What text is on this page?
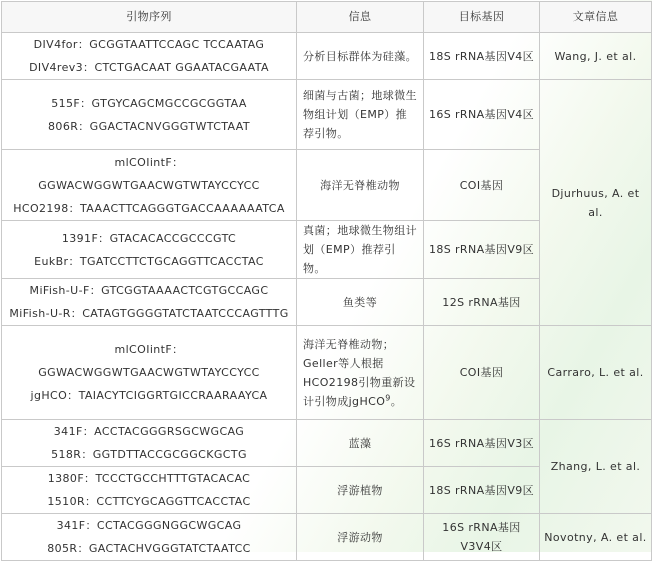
引物序列	信息	目标基因	文章信息

DIV4for：GCGGTAATTCCAGC TCCAATAG
DIV4rev3：CTCTGACAAT GGAATACGAATA	分析目标群体为硅藻。	18S rRNA基因V4区	Wang, J. et al.

515F：GTGYCAGCMGCCGCGGTAA
806R：GGACTACNVGGGTWTCTAAT	细菌与古菌；地球微生物组计划（EMP）推荐引物。	16S rRNA基因V4区	Djurhuus, A. et al.

mlCOIintF：GGWACWGGWTGAACWGTWTAYCCYCC
HCO2198：TAAACTTCAGGGTGACCAAAAAATCA	海洋无脊椎动物	COI基因	

1391F：GTACACACCGCCCGTC
EukBr：TGATCCTTCTGCAGGTTCACCTAC	真菌；地球微生物组计划（EMP）推荐引物。	18S rRNA基因V9区	

MiFish-U-F：GTCGGTAAAACTCGTGCCAGC
MiFish-U-R：CATAGTGGGGTATCTAATCCCAGTTTG	鱼类等	12S rRNA基因	

mlCOIintF：GGWACWGGWTGAACWGTWTAYCCYCC
jgHCO：TAIACYTCIGGRTGICCRAARAAYCA	海洋无脊椎动物；Geller等人根据HCO2198引物重新设计引物成jgHCO$^9$。	COI基因	Carraro, L. et al.

341F：ACCTACGGGRSGCWGCAG
518R：GGTDTTACCGCGGCKGCTG	蓝藻	16S rRNA基因V3区	Zhang, L. et al.

1380F：TCCCTGCCHTTTGTACACAC
1510R：CCTTCYGCAGGTTCACCTAC	浮游植物	18S rRNA基因V9区	

341F：CCTACGGGNGGCWGCAG
805R：GACTACHVGGGTATCTAATCC	浮游动物	16S rRNA基因V3V4区	Novotny, A. et al.
